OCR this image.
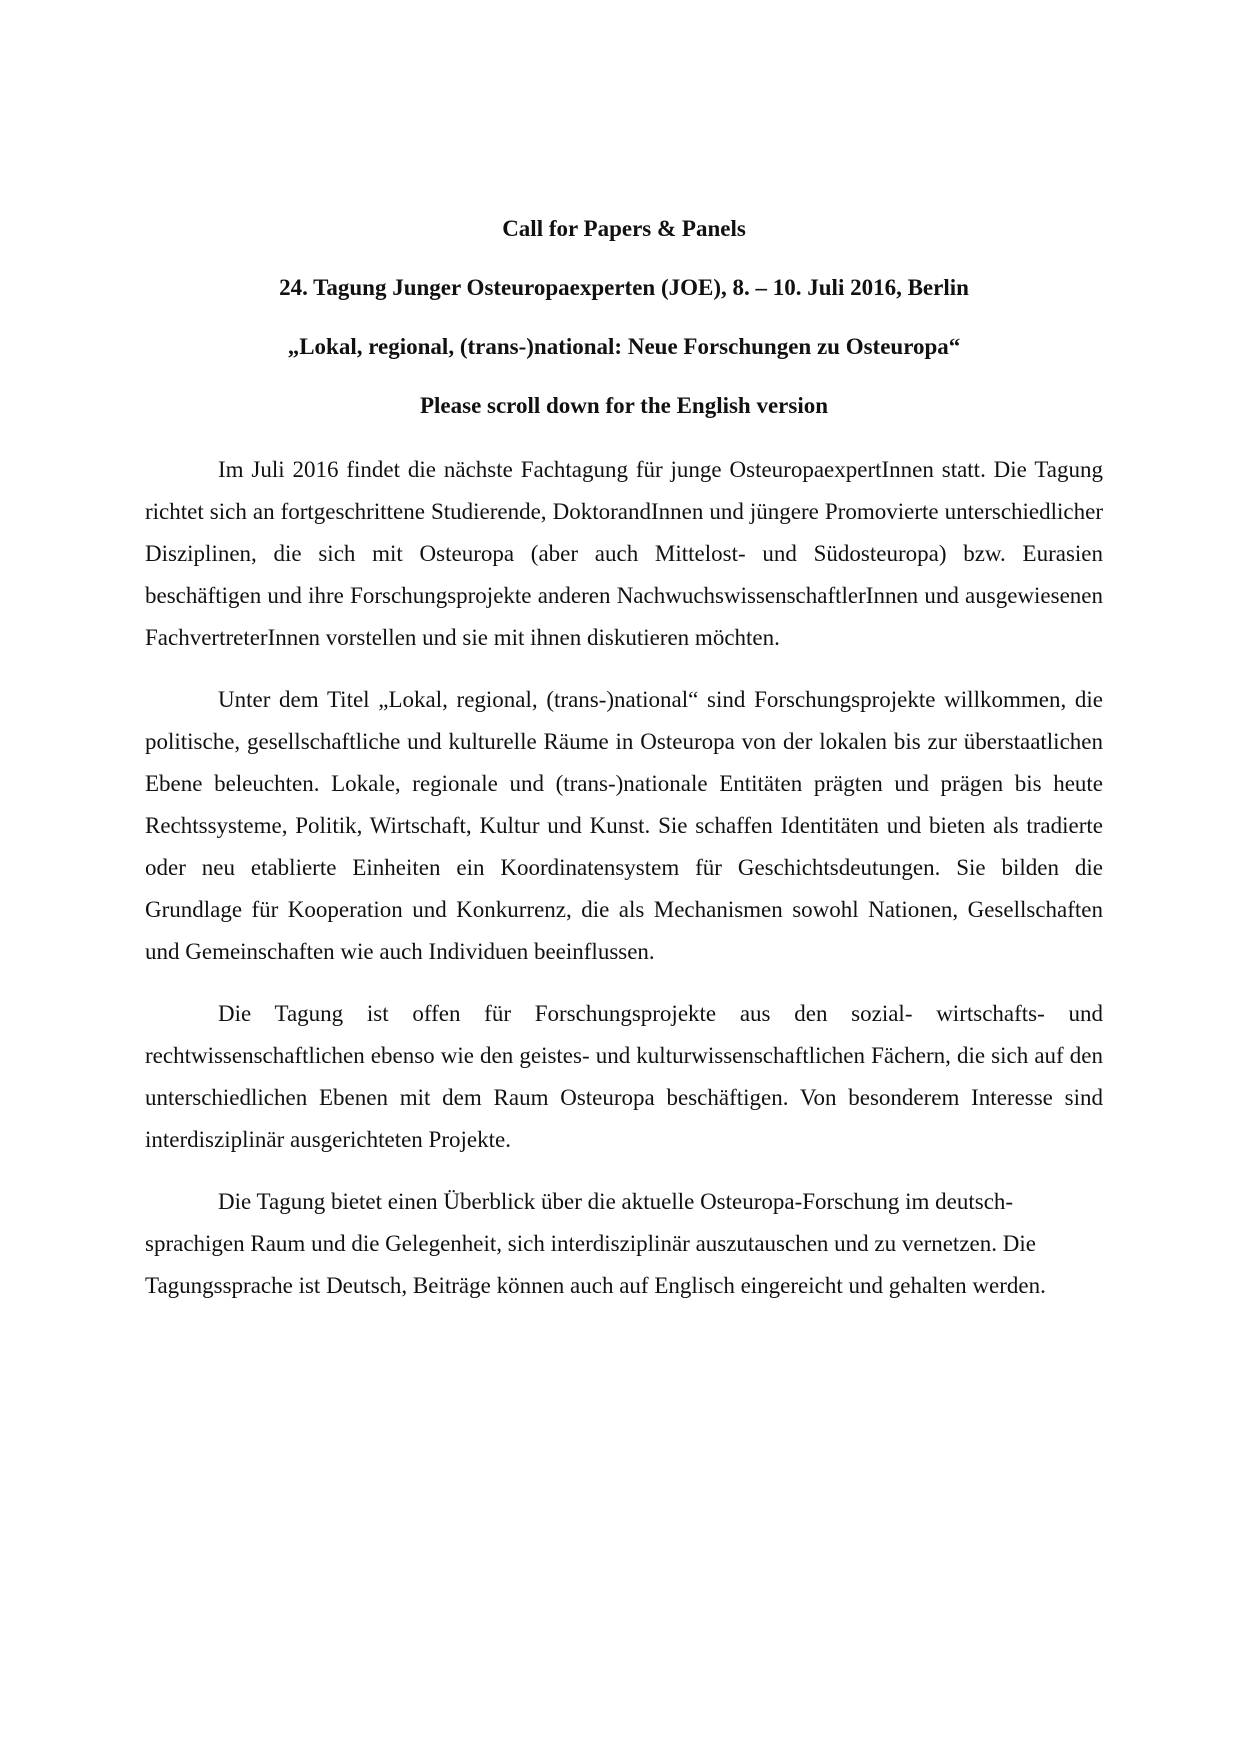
Call for Papers & Panels
24. Tagung Junger Osteuropaexperten (JOE), 8. – 10. Juli 2016, Berlin
„Lokal, regional, (trans-)national: Neue Forschungen zu Osteuropa“
Please scroll down for the English version

Im Juli 2016 findet die nächste Fachtagung für junge OsteuropaexpertInnen statt. Die Tagung richtet sich an fortgeschrittene Studierende, DoktorandInnen und jüngere Promovierte unterschiedlicher Disziplinen, die sich mit Osteuropa (aber auch Mittelost- und Südosteuropa) bzw. Eurasien beschäftigen und ihre Forschungsprojekte anderen NachwuchswissenschaftlerInnen und ausgewiesenen FachvertreterInnen vorstellen und sie mit ihnen diskutieren möchten.

Unter dem Titel „Lokal, regional, (trans-)national“ sind Forschungsprojekte willkommen, die politische, gesellschaftliche und kulturelle Räume in Osteuropa von der lokalen bis zur überstaatlichen Ebene beleuchten. Lokale, regionale und (trans-)nationale Entitäten prägten und prägen bis heute Rechtssysteme, Politik, Wirtschaft, Kultur und Kunst. Sie schaffen Identitäten und bieten als tradierte oder neu etablierte Einheiten ein Koordinatensystem für Geschichtsdeutungen. Sie bilden die Grundlage für Kooperation und Konkurrenz, die als Mechanismen sowohl Nationen, Gesellschaften und Gemeinschaften wie auch Individuen beeinflussen.

Die Tagung ist offen für Forschungsprojekte aus den sozial- wirtschafts- und rechtwissenschaftlichen ebenso wie den geistes- und kulturwissenschaftlichen Fächern, die sich auf den unterschiedlichen Ebenen mit dem Raum Osteuropa beschäftigen. Von besonderem Interesse sind interdisziplinär ausgerichteten Projekte.

Die Tagung bietet einen Überblick über die aktuelle Osteuropa-Forschung im deutsch-sprachigen Raum und die Gelegenheit, sich interdisziplinär auszutauschen und zu vernetzen. Die Tagungssprache ist Deutsch, Beiträge können auch auf Englisch eingereicht und gehalten werden.
